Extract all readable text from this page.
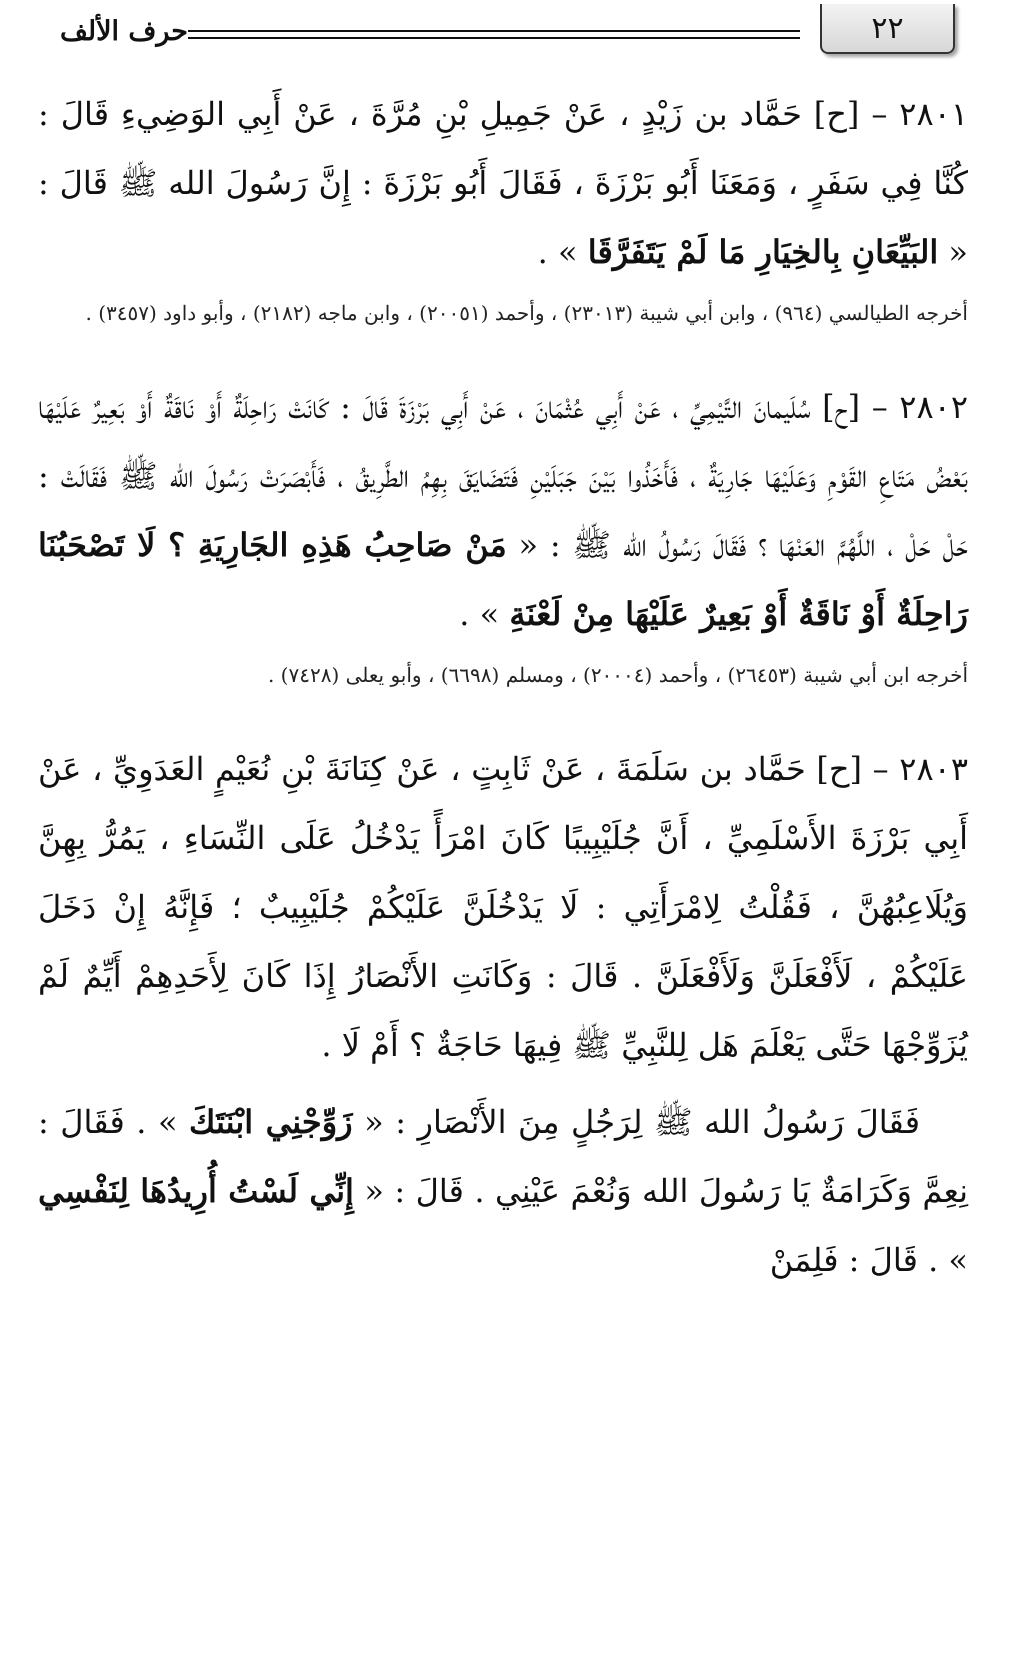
٢٢
حرف الألف

٢٨٠١ – [ح] حَمَّاد بن زَيْدٍ ، عَنْ جَمِيلِ بْنِ مُرَّةَ ، عَنْ أَبِي الوَضِيءِ قَالَ : كُنَّا فِي سَفَرٍ ، وَمَعَنَا أَبُو بَرْزَةَ ، فَقَالَ أَبُو بَرْزَةَ : إِنَّ رَسُولَ الله ﷺ قَالَ : « البَيِّعَانِ بِالخِيَارِ مَا لَمْ يَتَفَرَّقَا » .

أخرجه الطيالسي (٩٦٤) ، وابن أبي شيبة (٢٣٠١٣) ، وأحمد (٢٠٠٥١) ، وابن ماجه (٢١٨٢) ، وأبو داود (٣٤٥٧) .

٢٨٠٢ – [ح] سُلَيمانَ التَّيْمِيِّ ، عَنْ أَبِي عُثْمَانَ ، عَنْ أَبِي بَرْزَةَ قَالَ : كَانَتْ رَاحِلَةٌ أَوْ نَاقَةٌ أَوْ بَعِيرٌ عَلَيْهَا بَعْضُ مَتَاعِ القَوْمِ وَعَلَيْهَا جَارِيَةٌ ، فَأَخَذُوا بَيْنَ جَبَلَيْنِ فَتَضَايَقَ بِهِمُ الطَّرِيقُ ، فَأَبْصَرَتْ رَسُولَ الله ﷺ فَقَالَتْ : حَلْ حَلْ ، اللَّهُمَّ العَنْهَا ؟ فَقَالَ رَسُولُ الله ﷺ : « مَنْ صَاحِبُ هَذِهِ الجَارِيَةِ ؟ لَا تَصْحَبُنَا رَاحِلَةٌ أَوْ نَاقَةٌ أَوْ بَعِيرٌ عَلَيْهَا مِنْ لَعْنَةِ » .

أخرجه ابن أبي شيبة (٢٦٤٥٣) ، وأحمد (٢٠٠٠٤) ، ومسلم (٦٦٩٨) ، وأبو يعلى (٧٤٢٨) .

٢٨٠٣ – [ح] حَمَّاد بن سَلَمَةَ ، عَنْ ثَابِتٍ ، عَنْ كِنَانَةَ بْنِ نُعَيْمٍ العَدَوِيِّ ، عَنْ أَبِي بَرْزَةَ الأَسْلَمِيِّ ، أَنَّ جُلَيْبِيبًا كَانَ امْرَأً يَدْخُلُ عَلَى النِّسَاءِ ، يَمُرُّ بِهِنَّ وَيُلَاعِبُهُنَّ ، فَقُلْتُ لِامْرَأَتِي : لَا يَدْخُلَنَّ عَلَيْكُمْ جُلَيْبِيبٌ ؛ فَإِنَّهُ إِنْ دَخَلَ عَلَيْكُمْ ، لَأَفْعَلَنَّ وَلَأَفْعَلَنَّ . قَالَ : وَكَانَتِ الأَنْصَارُ إِذَا كَانَ لِأَحَدِهِمْ أَيِّمٌ لَمْ يُزَوِّجْهَا حَتَّى يَعْلَمَ هَل لِلنَّبِيِّ ﷺ فِيهَا حَاجَةٌ ؟ أَمْ لَا .

فَقَالَ رَسُولُ الله ﷺ لِرَجُلٍ مِنَ الأَنْصَارِ : « زَوِّجْنِي ابْنَتَكَ » . فَقَالَ : نِعِمَّ وَكَرَامَةٌ يَا رَسُولَ الله وَنُعْمَ عَيْنِي . قَالَ : « إِنِّي لَسْتُ أُرِيدُهَا لِنَفْسِي » . قَالَ : فَلِمَنْ
